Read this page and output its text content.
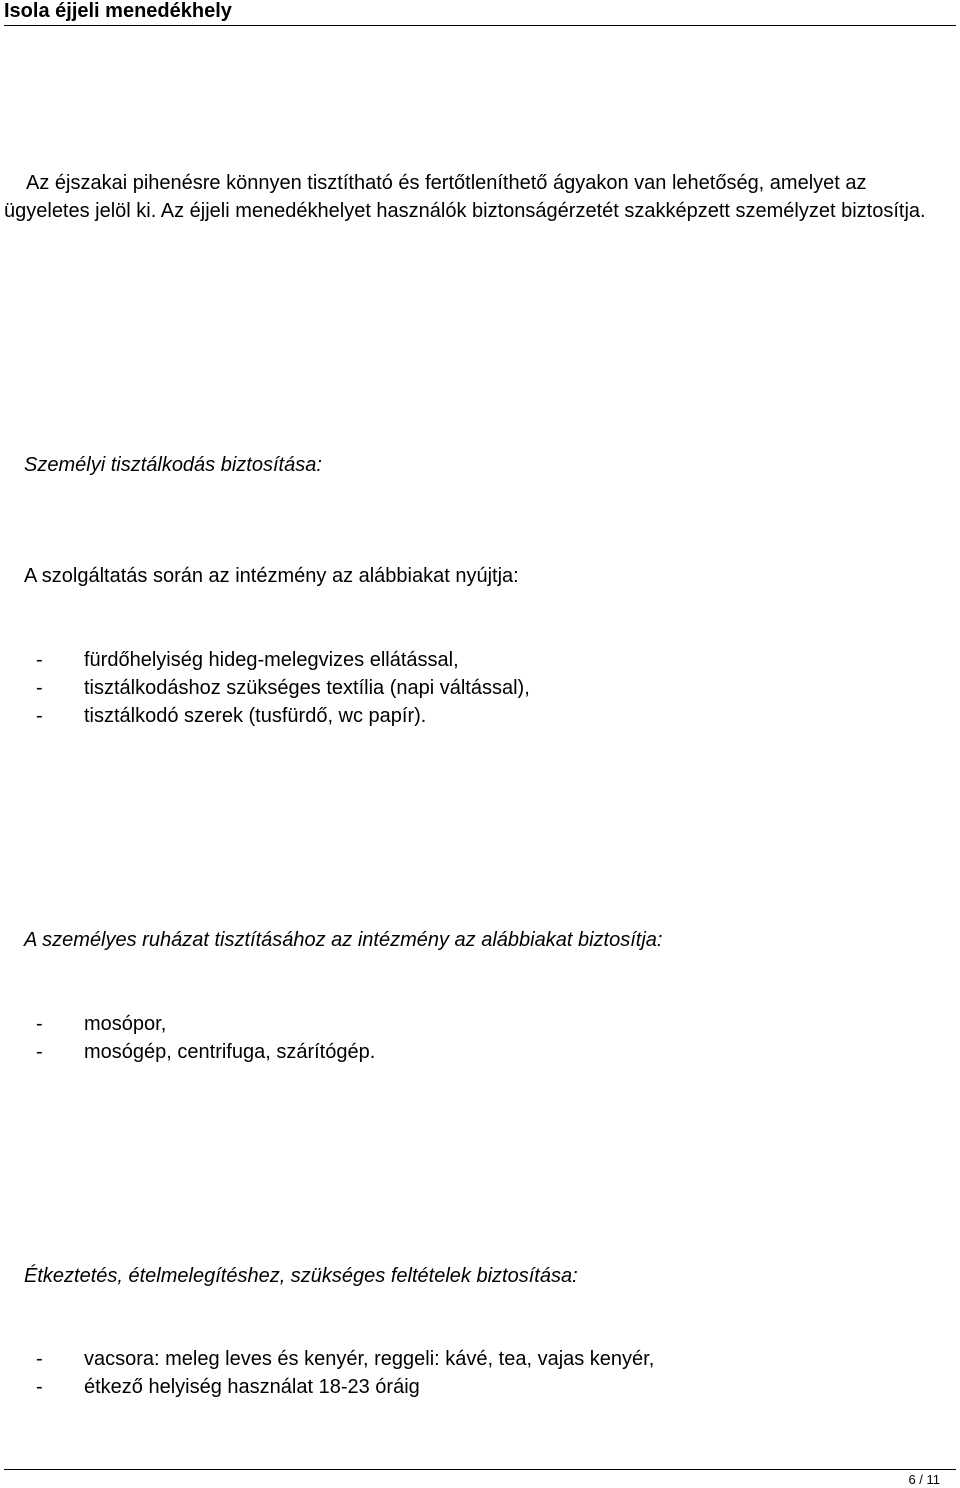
Isola éjjeli menedékhely
Az éjszakai pihenésre könnyen tisztítható és fertőtleníthető ágyakon van lehetőség, amelyet az ügyeletes jelöl ki. Az éjjeli menedékhelyet használók biztonságérzetét szakképzett személyzet biztosítja.
Személyi tisztálkodás biztosítása:
A szolgáltatás során az intézmény az alábbiakat nyújtja:
- fürdőhelyiség hideg-melegvizes ellátással,
- tisztálkodáshoz szükséges textília (napi váltással),
- tisztálkodó szerek (tusfürdő, wc papír).
A személyes ruházat tisztításához az intézmény az alábbiakat biztosítja:
- mosópor,
- mosógép, centrifuga, szárítógép.
Étkeztetés, ételmelegítéshez, szükséges feltételek biztosítása:
- vacsora: meleg leves és kenyér, reggeli: kávé, tea, vajas kenyér,
- étkező helyiség használat 18-23 óráig
6 / 11
